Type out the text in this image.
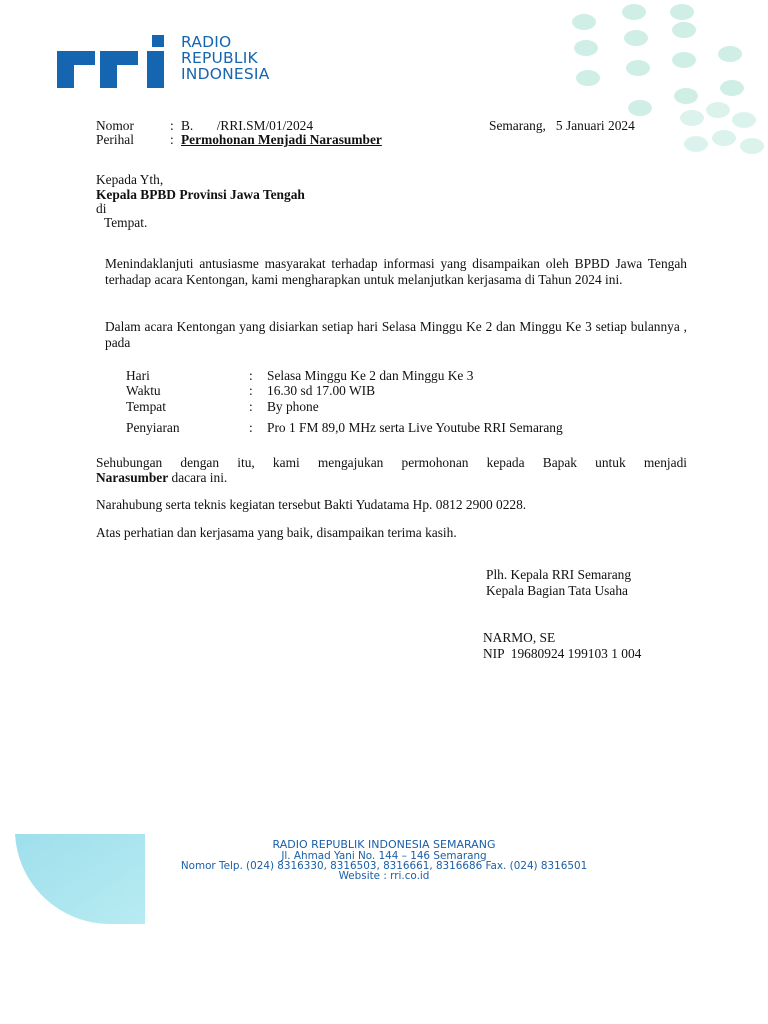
RADIO
REPUBLIK
INDONESIA
Nomor	: B.       /RRI.SM/01/2024	Semarang,   5 Januari 2024
Perihal	: Permohonan Menjadi Narasumber
Kepada Yth,
Kepala BPBD Provinsi Jawa Tengah
di
Tempat.
Menindaklanjuti antusiasme masyarakat terhadap informasi yang disampaikan oleh BPBD Jawa Tengah terhadap acara Kentongan, kami mengharapkan untuk melanjutkan kerjasama di Tahun 2024 ini.
Dalam acara Kentongan yang disiarkan setiap hari Selasa Minggu Ke 2 dan Minggu Ke 3 setiap bulannya , pada
Hari	: Selasa Minggu Ke 2 dan Minggu Ke 3
Waktu	: 16.30 sd 17.00 WIB
Tempat	: By phone
Penyiaran	: Pro 1 FM 89,0 MHz serta Live Youtube RRI Semarang
Sehubungan dengan itu, kami mengajukan permohonan kepada Bapak untuk menjadi
Narasumber dacara ini.
Narahubung serta teknis kegiatan tersebut Bakti Yudatama Hp. 0812 2900 0228.
Atas perhatian dan kerjasama yang baik, disampaikan terima kasih.
Plh. Kepala RRI Semarang
Kepala Bagian Tata Usaha
NARMO, SE
NIP  19680924 199103 1 004
RADIO REPUBLIK INDONESIA SEMARANG
Jl. Ahmad Yani No. 144 – 146 Semarang
Nomor Telp. (024) 8316330, 8316503, 8316661, 8316686 Fax. (024) 8316501
Website : rri.co.id
